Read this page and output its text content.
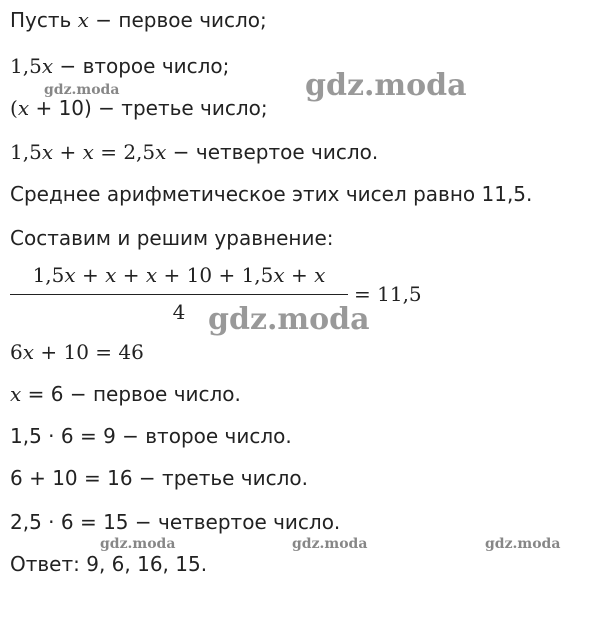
Пусть x − первое число;
1,5x − второе число;
(x + 10) − третье число;
1,5x + x = 2,5x − четвертое число.
Среднее арифметическое этих чисел равно 11,5.
Составим и решим уравнение:
1,5x + x + x + 10 + 1,5x + x
4
= 11,5
6x + 10 = 46
x = 6 − первое число.
1,5 · 6 = 9 − второе число.
6 + 10 = 16 − третье число.
2,5 · 6 = 15 − четвертое число.
Ответ: 9, 6, 16, 15.
gdz.moda
gdz.moda
gdz.moda
gdz.moda	gdz.moda	gdz.moda
